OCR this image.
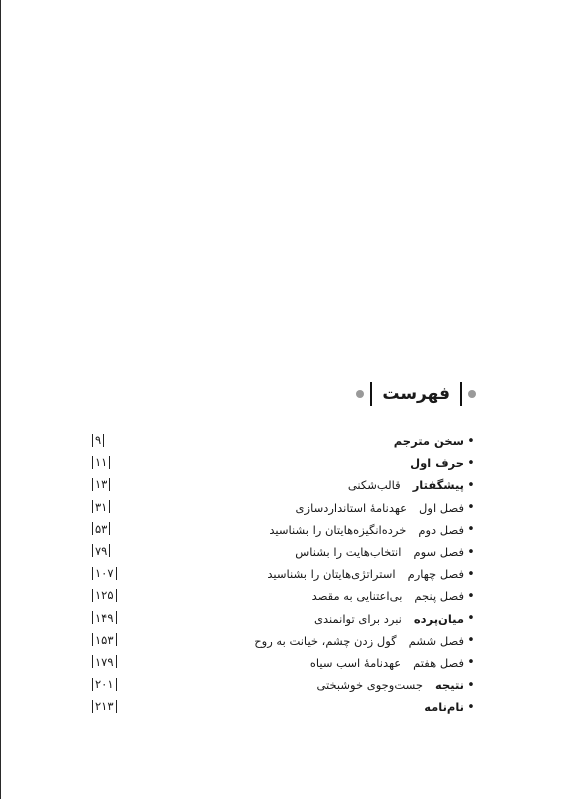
فهرست
•
سخن مترجم
۹
•
حرف اول
۱۱
•
پیشگفتار
قالب‌شکنی
۱۳
•
فصل اول
عهدنامهٔ استانداردسازی
۳۱
•
فصل دوم
خرده‌انگیزه‌هایتان را بشناسید
۵۳
•
فصل سوم
انتخاب‌هایت را بشناس
۷۹
•
فصل چهارم
استراتژی‌هایتان را بشناسید
۱۰۷
•
فصل پنجم
بی‌اعتنایی به مقصد
۱۲۵
•
میان‌پرده
نبرد برای توانمندی
۱۴۹
•
فصل ششم
گول زدن چشم، خیانت به روح
۱۵۳
•
فصل هفتم
عهدنامهٔ اسب سیاه
۱۷۹
•
نتیجه
جست‌وجوی خوشبختی
۲۰۱
•
نام‌نامه
۲۱۳
